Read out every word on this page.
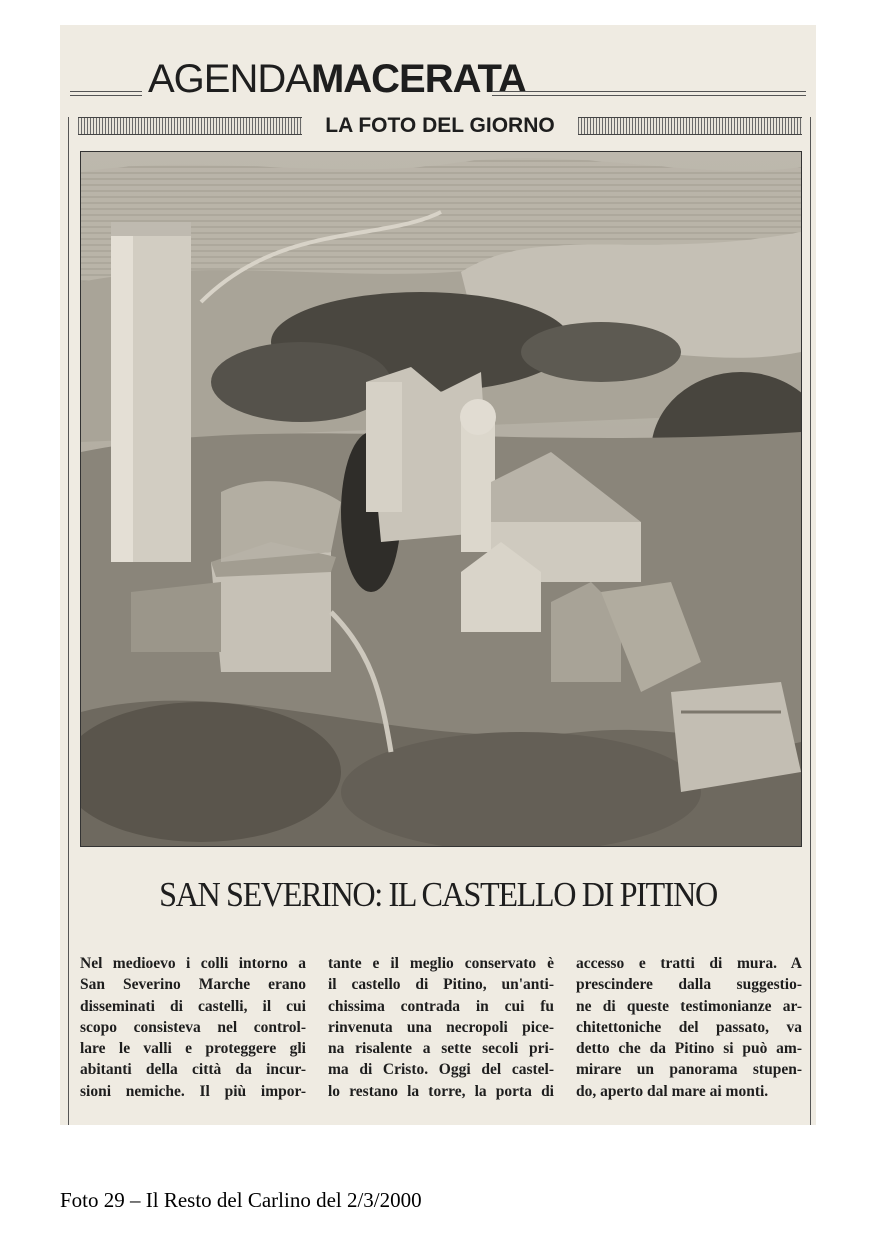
AGENDAMACERATA
LA FOTO DEL GIORNO
SAN SEVERINO: IL CASTELLO DI PITINO
Nel medioevo i colli intorno a
San Severino Marche erano
disseminati di castelli, il cui
scopo consisteva nel control-
lare le valli e proteggere gli
abitanti della città da incur-
sioni nemiche. Il più impor-
tante e il meglio conservato è
il castello di Pitino, un'anti-
chissima contrada in cui fu
rinvenuta una necropoli pice-
na risalente a sette secoli pri-
ma di Cristo. Oggi del castel-
lo restano la torre, la porta di
accesso e tratti di mura. A
prescindere dalla suggestio-
ne di queste testimonianze ar-
chitettoniche del passato, va
detto che da Pitino si può am-
mirare un panorama stupen-
do, aperto dal mare ai monti.
Foto 29 – Il Resto del Carlino del 2/3/2000
